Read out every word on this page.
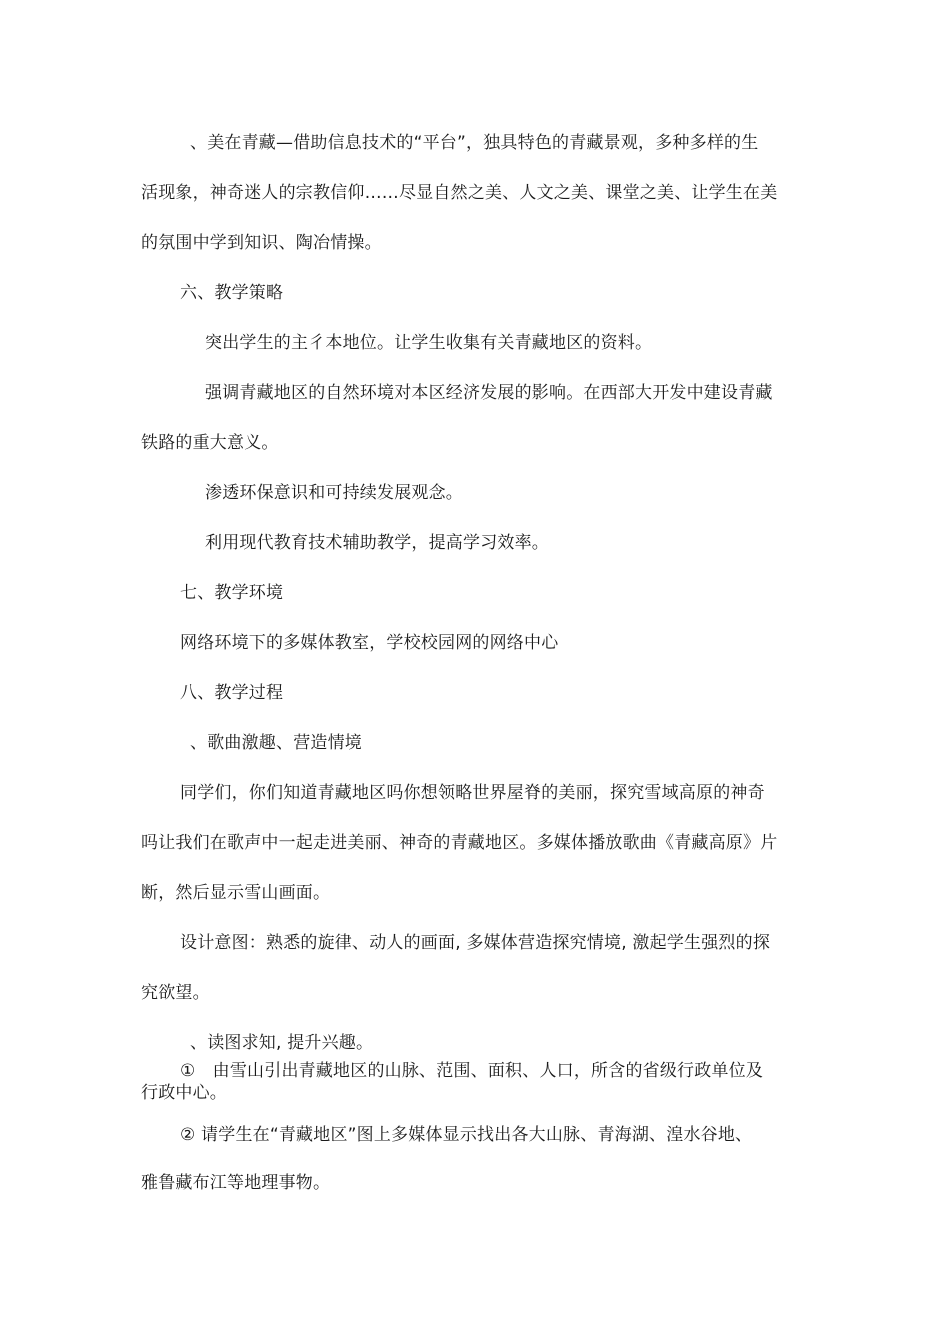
、美在青藏—借助信息技术的“平台”，独具特色的青藏景观，多种多样的生
活现象，神奇迷人的宗教信仰……尽显自然之美、人文之美、课堂之美、让学生在美
的氛围中学到知识、陶冶情操。
六、教学策略
突出学生的主彳本地位。让学生收集有关青藏地区的资料。
强调青藏地区的自然环境对本区经济发展的影响。在西部大开发中建设青藏
铁路的重大意义。
渗透环保意识和可持续发展观念。
利用现代教育技术辅助教学，提高学习效率。
七、教学环境
网络环境下的多媒体教室，学校校园网的网络中心
八、教学过程
、歌曲激趣、营造情境
同学们，你们知道青藏地区吗你想领略世界屋脊的美丽，探究雪域高原的神奇
吗让我们在歌声中一起走进美丽、神奇的青藏地区。多媒体播放歌曲《青藏高原》片
断，然后显示雪山画面。
设计意图：熟悉的旋律、动人的画面, 多媒体营造探究情境, 激起学生强烈的探
究欲望。
、读图求知, 提升兴趣。
①　由雪山引出青藏地区的山脉、范围、面积、人口，所含的省级行政单位及
行政中心。
② 请学生在“青藏地区”图上多媒体显示找出各大山脉、青海湖、湟水谷地、
雅鲁藏布江等地理事物。
